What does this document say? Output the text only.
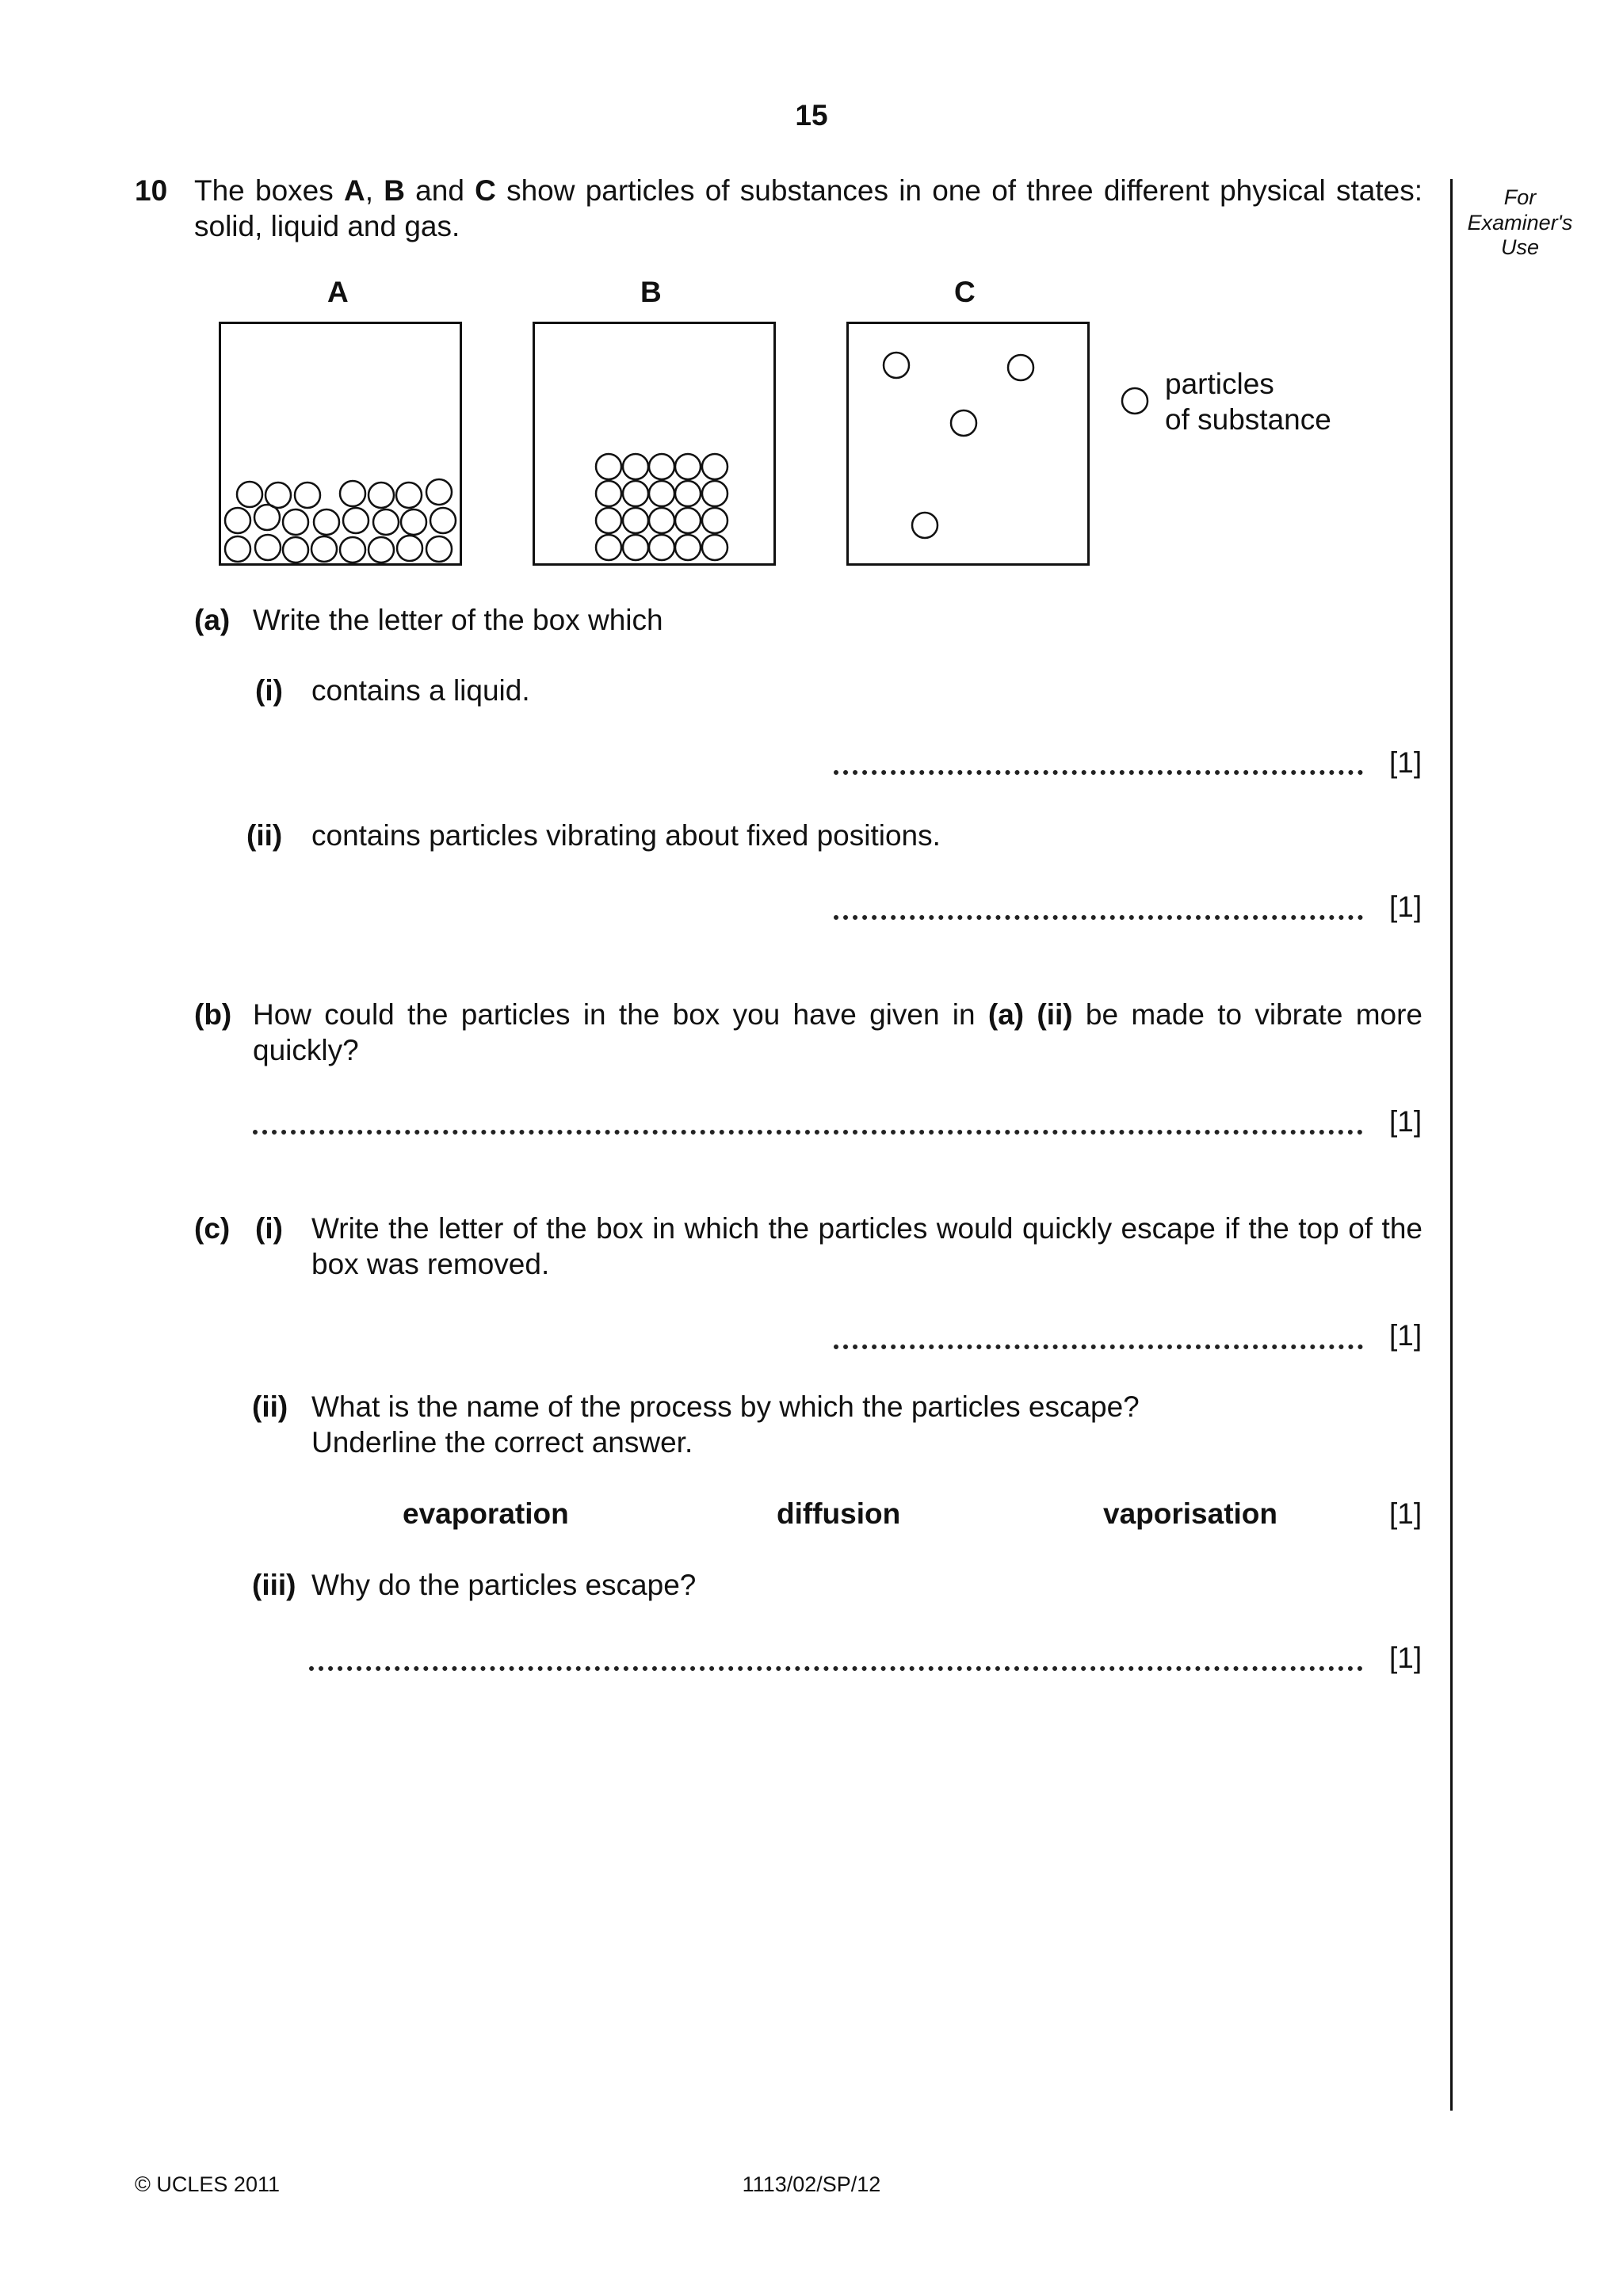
15
For Examiner's Use
10 The boxes A, B and C show particles of substances in one of three different physical states: solid, liquid and gas.
A	B	C
particles
of substance
(a) Write the letter of the box which
(i) contains a liquid.
[1]
(ii) contains particles vibrating about fixed positions.
[1]
(b) How could the particles in the box you have given in (a) (ii) be made to vibrate more quickly?
[1]
(c) (i) Write the letter of the box in which the particles would quickly escape if the top of the box was removed.
[1]
(ii) What is the name of the process by which the particles escape?
Underline the correct answer.
evaporation	diffusion	vaporisation	[1]
(iii) Why do the particles escape?
[1]
© UCLES 2011	1113/02/SP/12
